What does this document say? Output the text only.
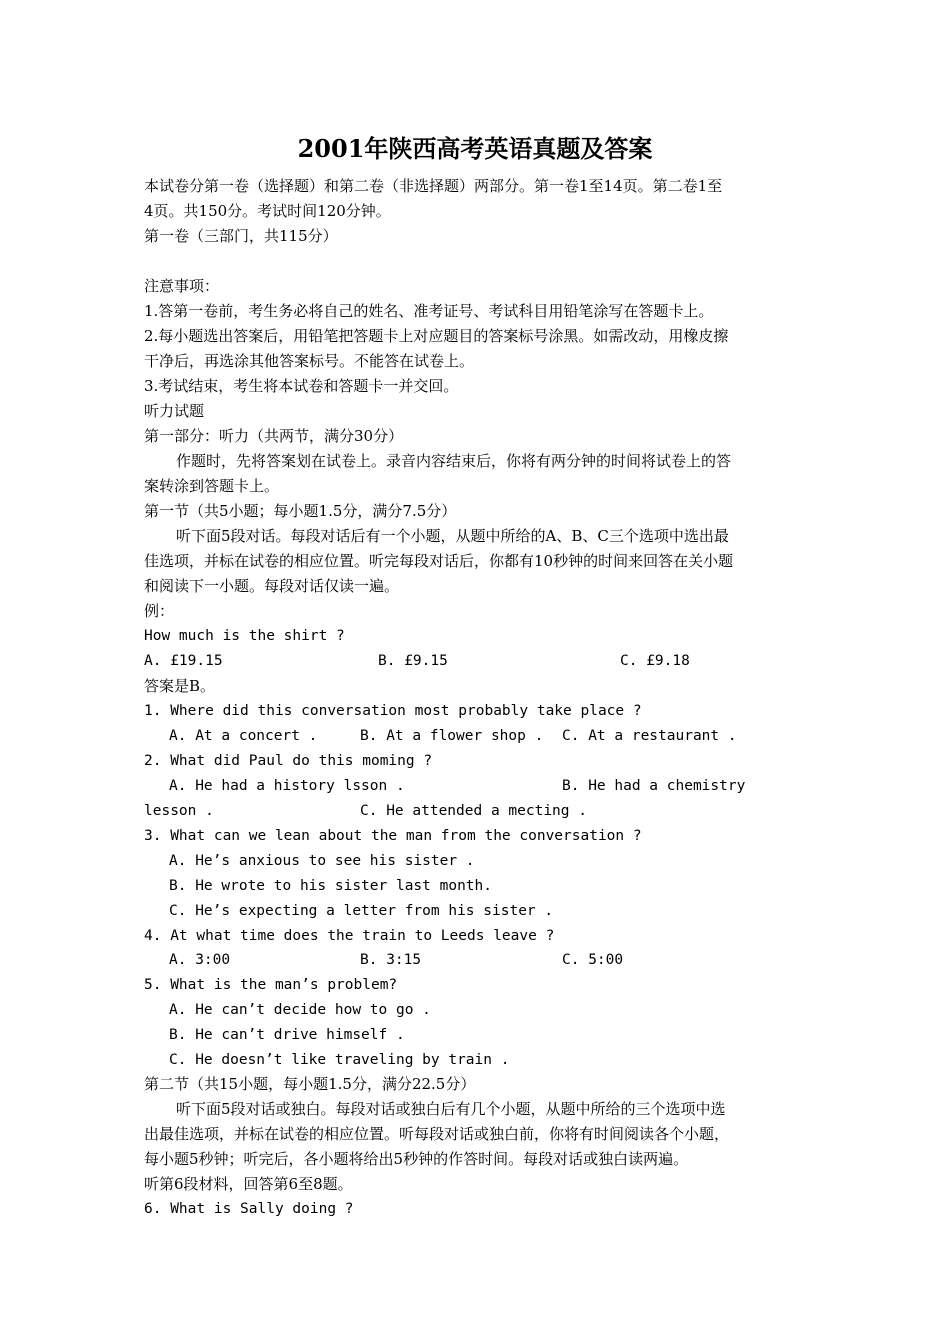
2001年陕西高考英语真题及答案
本试卷分第一卷（选择题）和第二卷（非选择题）两部分。第一卷1至14页。第二卷1至
4页。共150分。考试时间120分钟。
第一卷（三部门，共115分）
注意事项：
1.答第一卷前，考生务必将自己的姓名、准考证号、考试科目用铅笔涂写在答题卡上。
2.每小题选出答案后，用铅笔把答题卡上对应题目的答案标号涂黑。如需改动，用橡皮擦
干净后，再选涂其他答案标号。不能答在试卷上。
3.考试结束，考生将本试卷和答题卡一并交回。
听力试题
第一部分：听力（共两节，满分30分）
作题时，先将答案划在试卷上。录音内容结束后，你将有两分钟的时间将试卷上的答
案转涂到答题卡上。
第一节（共5小题；每小题1.5分，满分7.5分）
听下面5段对话。每段对话后有一个小题，从题中所给的A、B、C三个选项中选出最
佳选项，并标在试卷的相应位置。听完每段对话后，你都有10秒钟的时间来回答在关小题
和阅读下一小题。每段对话仅读一遍。
例：
How much is the shirt ?
A. £19.15	B. £9.15	C. £9.18
答案是B。
1. Where did this conversation most probably take place ?
A. At a concert .	B. At a flower shop . C. At a restaurant .
2. What did Paul do this moming ?
A. He had a history lsson .	B. He had a chemistry
lesson .	C. He attended a mecting .
3. What can we lean about the man from the conversation ?
A. He’s anxious to see his sister .
B. He wrote to his sister last month.
C. He’s expecting a letter from his sister .
4. At what time does the train to Leeds leave ?
A. 3:00	B. 3:15	C. 5:00
5. What is the man’s problem?
A. He can’t decide how to go .
B. He can’t drive himself .
C. He doesn’t like traveling by train .
第二节（共15小题，每小题1.5分，满分22.5分）
听下面5段对话或独白。每段对话或独白后有几个小题，从题中所给的三个选项中选
出最佳选项，并标在试卷的相应位置。听每段对话或独白前，你将有时间阅读各个小题，
每小题5秒钟；听完后，各小题将给出5秒钟的作答时间。每段对话或独白读两遍。
听第6段材料，回答第6至8题。
6. What is Sally doing ?
